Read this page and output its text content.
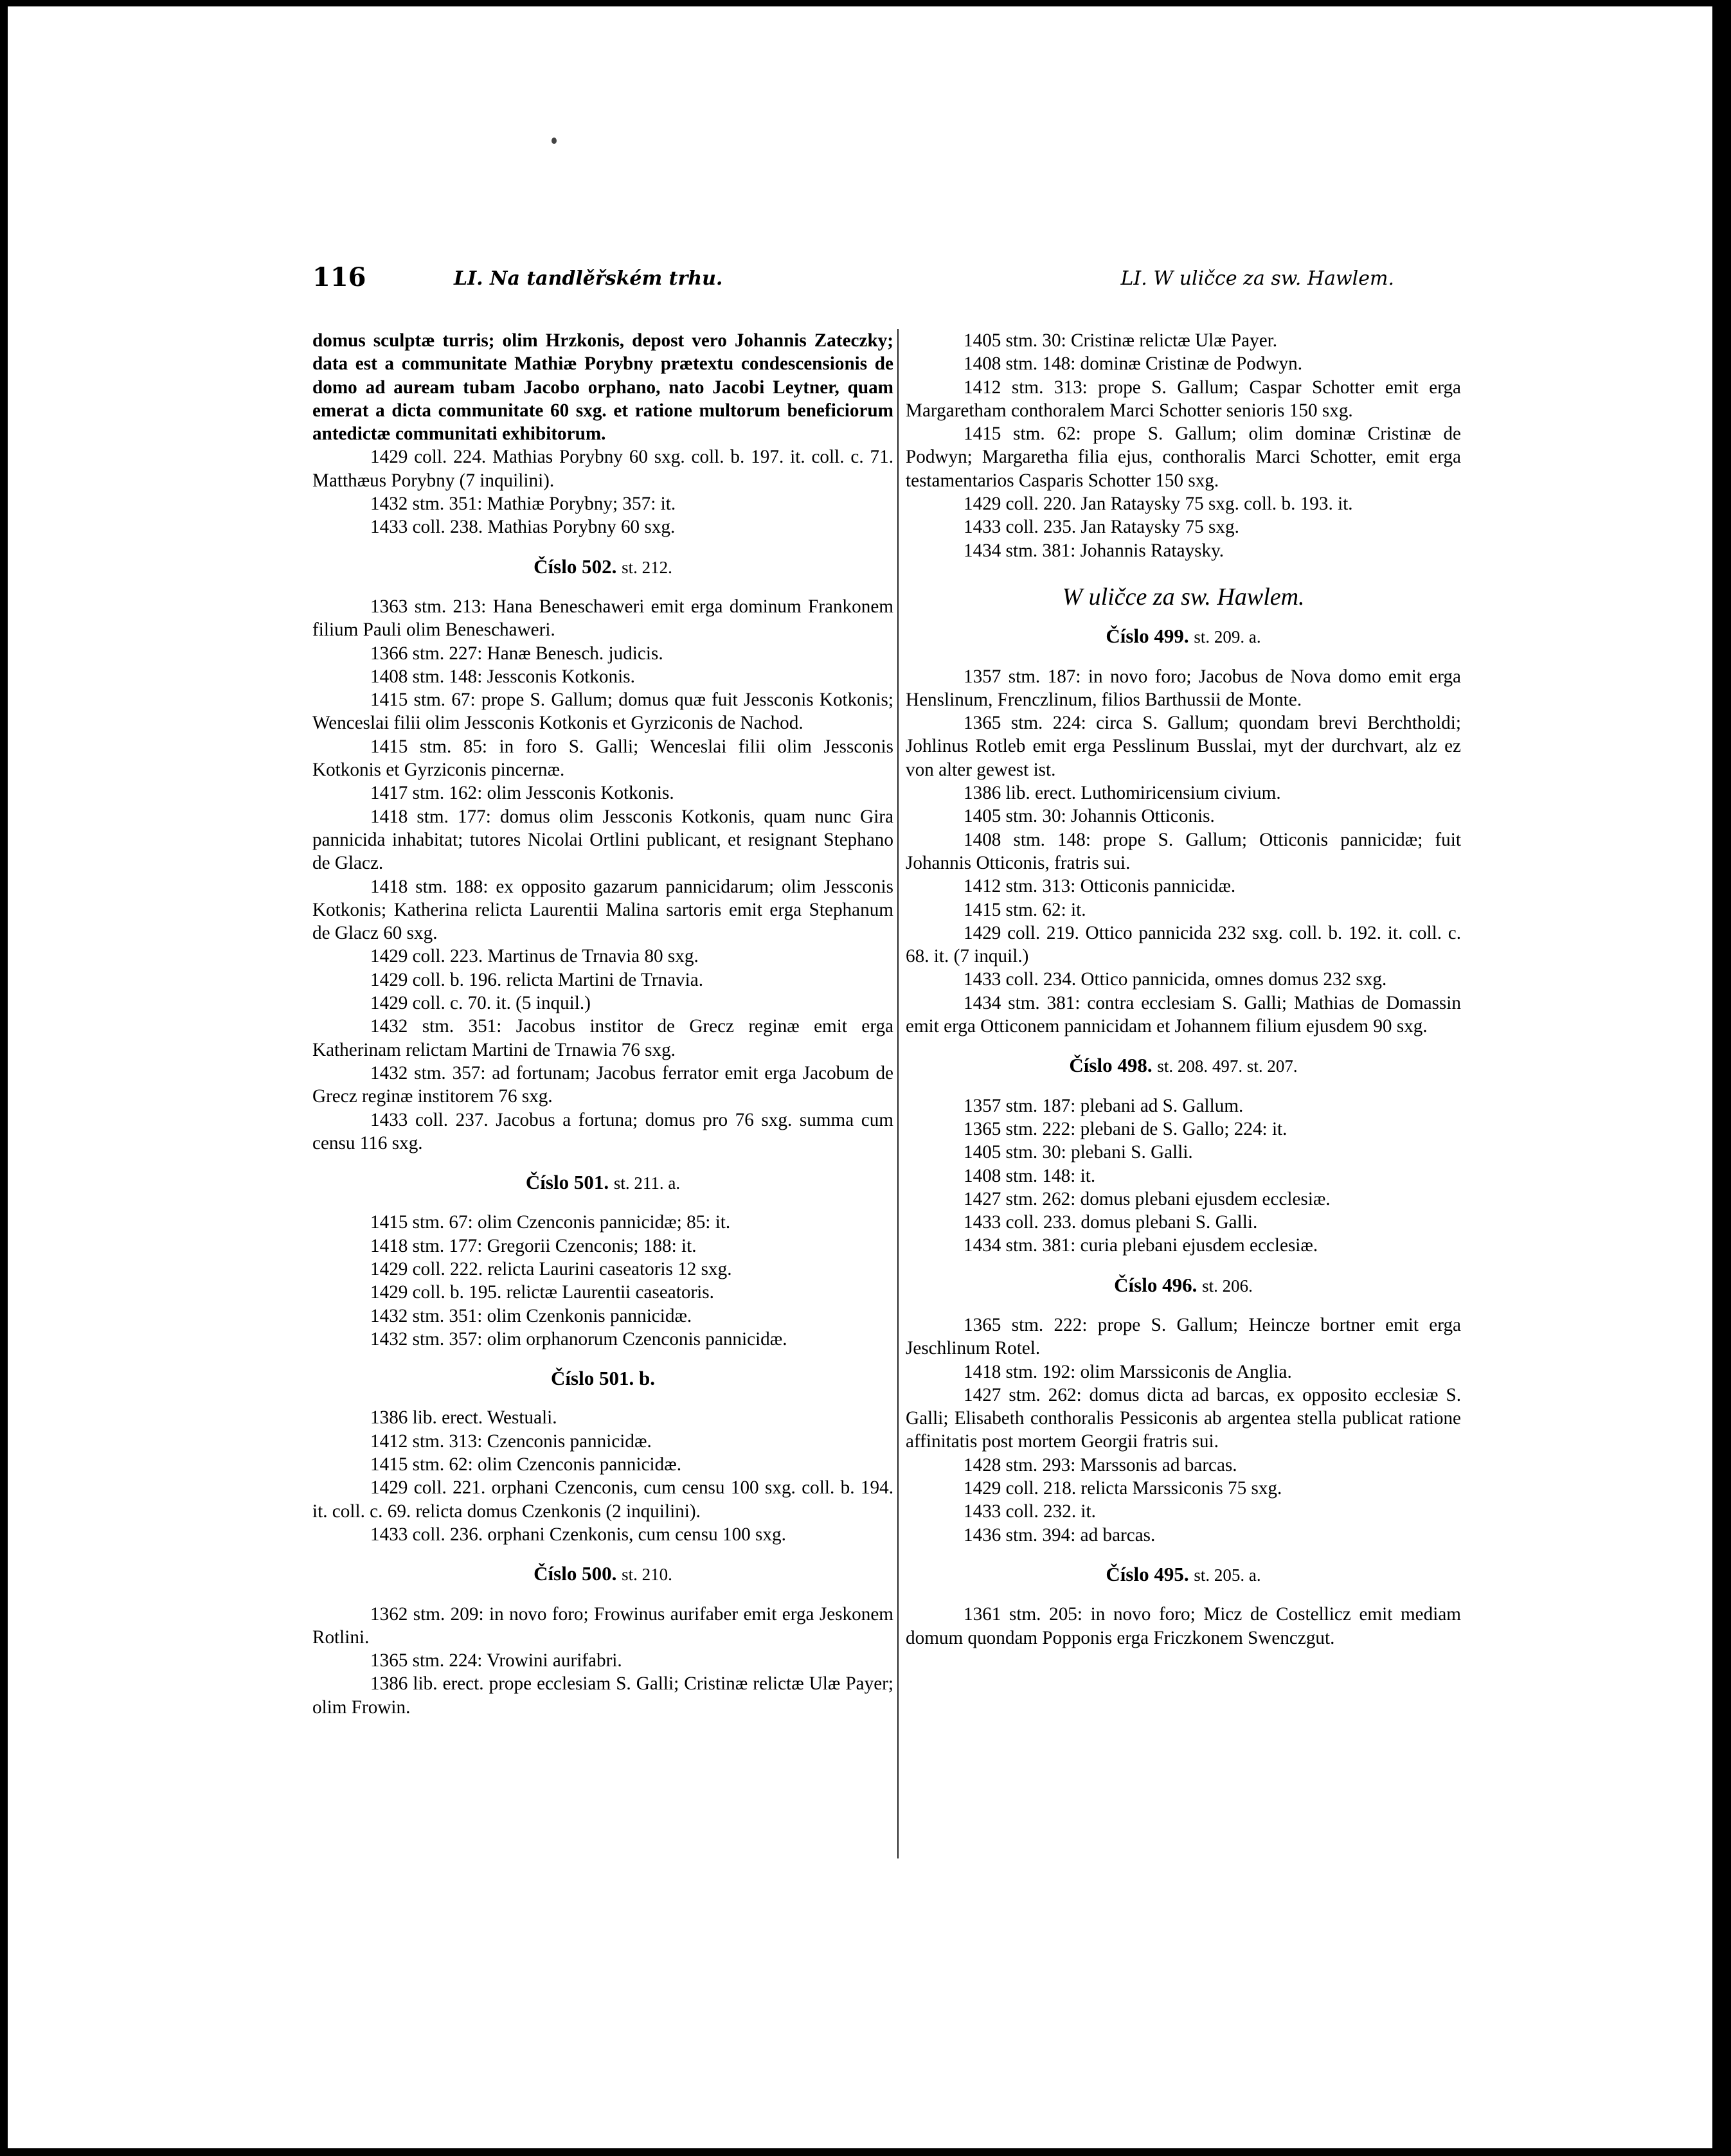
116	LI. Na tandlěřském trhu.	LI. W uličce za sw. Hawlem.

domus sculptæ turris; olim Hrzkonis, depost vero Johannis Zateczky; data est a communitate Mathiæ Porybny prætextu condescensionis de domo ad auream tubam Jacobo orphano, nato Jacobi Leytner, quam emerat a dicta communitate 60 sxg. et ratione multorum beneficiorum antedictæ communitati exhibitorum.

1429 coll. 224. Mathias Porybny 60 sxg. coll. b. 197. it. coll. c. 71. Matthæus Porybny (7 inquilini).

1432 stm. 351: Mathiæ Porybny; 357: it.

1433 coll. 238. Mathias Porybny 60 sxg.

Číslo 502. st. 212.

1363 stm. 213: Hana Beneschaweri emit erga dominum Frankonem filium Pauli olim Beneschaweri.

1366 stm. 227: Hanæ Benesch. judicis.

1408 stm. 148: Jessconis Kotkonis.

1415 stm. 67: prope S. Gallum; domus quæ fuit Jessconis Kotkonis; Wenceslai filii olim Jessconis Kotkonis et Gyrziconis de Nachod.

1415 stm. 85: in foro S. Galli; Wenceslai filii olim Jessconis Kotkonis et Gyrziconis pincernæ.

1417 stm. 162: olim Jessconis Kotkonis.

1418 stm. 177: domus olim Jessconis Kotkonis, quam nunc Gira pannicida inhabitat; tutores Nicolai Ortlini publicant, et resignant Stephano de Glacz.

1418 stm. 188: ex opposito gazarum pannicidarum; olim Jessconis Kotkonis; Katherina relicta Laurentii Malina sartoris emit erga Stephanum de Glacz 60 sxg.

1429 coll. 223. Martinus de Trnavia 80 sxg.

1429 coll. b. 196. relicta Martini de Trnavia.

1429 coll. c. 70. it. (5 inquil.)

1432 stm. 351: Jacobus institor de Grecz reginæ emit erga Katherinam relictam Martini de Trnawia 76 sxg.

1432 stm. 357: ad fortunam; Jacobus ferrator emit erga Jacobum de Grecz reginæ institorem 76 sxg.

1433 coll. 237. Jacobus a fortuna; domus pro 76 sxg. summa cum censu 116 sxg.

Číslo 501. st. 211. a.

1415 stm. 67: olim Czenconis pannicidæ; 85: it.

1418 stm. 177: Gregorii Czenconis; 188: it.

1429 coll. 222. relicta Laurini caseatoris 12 sxg.

1429 coll. b. 195. relictæ Laurentii caseatoris.

1432 stm. 351: olim Czenkonis pannicidæ.

1432 stm. 357: olim orphanorum Czenconis pannicidæ.

Číslo 501. b.

1386 lib. erect. Westuali.

1412 stm. 313: Czenconis pannicidæ.

1415 stm. 62: olim Czenconis pannicidæ.

1429 coll. 221. orphani Czenconis, cum censu 100 sxg. coll. b. 194. it. coll. c. 69. relicta domus Czenkonis (2 inquilini).

1433 coll. 236. orphani Czenkonis, cum censu 100 sxg.

Číslo 500. st. 210.

1362 stm. 209: in novo foro; Frowinus aurifaber emit erga Jeskonem Rotlini.

1365 stm. 224: Vrowini aurifabri.

1386 lib. erect. prope ecclesiam S. Galli; Cristinæ relictæ Ulæ Payer; olim Frowin.

1405 stm. 30: Cristinæ relictæ Ulæ Payer.

1408 stm. 148: dominæ Cristinæ de Podwyn.

1412 stm. 313: prope S. Gallum; Caspar Schotter emit erga Margaretham conthoralem Marci Schotter senioris 150 sxg.

1415 stm. 62: prope S. Gallum; olim dominæ Cristinæ de Podwyn; Margaretha filia ejus, conthoralis Marci Schotter, emit erga testamentarios Casparis Schotter 150 sxg.

1429 coll. 220. Jan Rataysky 75 sxg. coll. b. 193. it.

1433 coll. 235. Jan Rataysky 75 sxg.

1434 stm. 381: Johannis Rataysky.

W uličce za sw. Hawlem.
Číslo 499. st. 209. a.

1357 stm. 187: in novo foro; Jacobus de Nova domo emit erga Henslinum, Frenczlinum, filios Barthussii de Monte.

1365 stm. 224: circa S. Gallum; quondam brevi Berchtholdi; Johlinus Rotleb emit erga Pesslinum Busslai, myt der durchvart, alz ez von alter gewest ist.

1386 lib. erect. Luthomiricensium civium.

1405 stm. 30: Johannis Otticonis.

1408 stm. 148: prope S. Gallum; Otticonis pannicidæ; fuit Johannis Otticonis, fratris sui.

1412 stm. 313: Otticonis pannicidæ.

1415 stm. 62: it.

1429 coll. 219. Ottico pannicida 232 sxg. coll. b. 192. it. coll. c. 68. it. (7 inquil.)

1433 coll. 234. Ottico pannicida, omnes domus 232 sxg.

1434 stm. 381: contra ecclesiam S. Galli; Mathias de Domassin emit erga Otticonem pannicidam et Johannem filium ejusdem 90 sxg.

Číslo 498. st. 208. 497. st. 207.

1357 stm. 187: plebani ad S. Gallum.

1365 stm. 222: plebani de S. Gallo; 224: it.

1405 stm. 30: plebani S. Galli.

1408 stm. 148: it.

1427 stm. 262: domus plebani ejusdem ecclesiæ.

1433 coll. 233. domus plebani S. Galli.

1434 stm. 381: curia plebani ejusdem ecclesiæ.

Číslo 496. st. 206.

1365 stm. 222: prope S. Gallum; Heincze bortner emit erga Jeschlinum Rotel.

1418 stm. 192: olim Marssiconis de Anglia.

1427 stm. 262: domus dicta ad barcas, ex opposito ecclesiæ S. Galli; Elisabeth conthoralis Pessiconis ab argentea stella publicat ratione affinitatis post mortem Georgii fratris sui.

1428 stm. 293: Marssonis ad barcas.

1429 coll. 218. relicta Marssiconis 75 sxg.

1433 coll. 232. it.

1436 stm. 394: ad barcas.

Číslo 495. st. 205. a.

1361 stm. 205: in novo foro; Micz de Costellicz emit mediam domum quondam Popponis erga Friczkonem Swenczgut.
